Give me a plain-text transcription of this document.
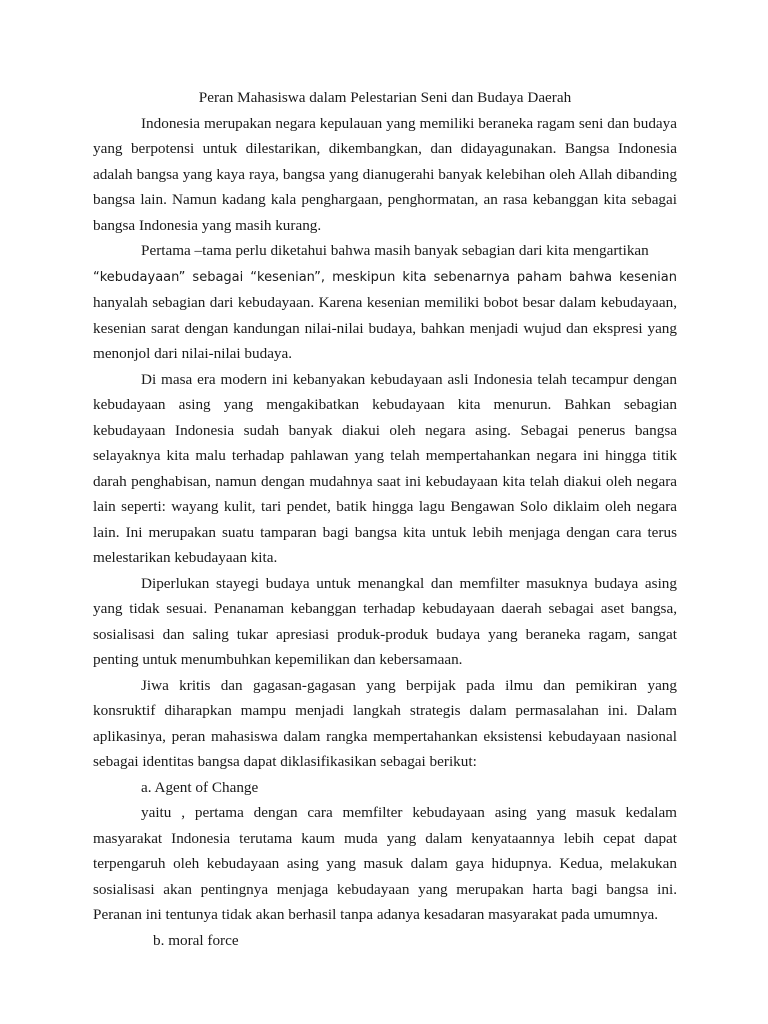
Peran Mahasiswa dalam Pelestarian Seni dan Budaya Daerah

Indonesia merupakan negara kepulauan yang memiliki beraneka ragam seni dan budaya yang berpotensi untuk dilestarikan, dikembangkan, dan didayagunakan. Bangsa Indonesia adalah bangsa yang kaya raya, bangsa yang dianugerahi banyak kelebihan oleh Allah dibanding bangsa lain. Namun kadang kala penghargaan, penghormatan, an rasa kebanggan kita sebagai bangsa Indonesia yang masih kurang.

Pertama –tama perlu diketahui bahwa masih banyak sebagian dari kita mengartikan
“kebudayaan” sebagai “kesenian”, meskipun kita sebenarnya paham bahwa kesenian hanyalah sebagian dari kebudayaan. Karena kesenian memiliki bobot besar dalam kebudayaan, kesenian sarat dengan kandungan nilai-nilai budaya, bahkan menjadi wujud dan ekspresi yang menonjol dari nilai-nilai budaya.

Di masa era modern ini kebanyakan kebudayaan asli Indonesia telah tecampur dengan kebudayaan asing yang mengakibatkan kebudayaan kita menurun. Bahkan sebagian kebudayaan Indonesia sudah banyak diakui oleh negara asing. Sebagai penerus bangsa selayaknya kita malu terhadap pahlawan yang telah mempertahankan negara ini hingga titik darah penghabisan, namun dengan mudahnya saat ini kebudayaan kita telah diakui oleh negara lain seperti: wayang kulit, tari pendet, batik hingga lagu Bengawan Solo diklaim oleh negara lain. Ini merupakan suatu tamparan bagi bangsa kita untuk lebih menjaga dengan cara terus melestarikan kebudayaan kita.

Diperlukan stayegi budaya untuk menangkal dan memfilter masuknya budaya asing yang tidak sesuai. Penanaman kebanggan terhadap kebudayaan daerah sebagai aset bangsa, sosialisasi dan saling tukar apresiasi produk-produk budaya yang beraneka ragam, sangat penting untuk menumbuhkan kepemilikan dan kebersamaan.

Jiwa kritis dan gagasan-gagasan yang berpijak pada ilmu dan pemikiran yang konsruktif diharapkan mampu menjadi langkah strategis dalam permasalahan ini. Dalam aplikasinya, peran mahasiswa dalam rangka mempertahankan eksistensi kebudayaan nasional sebagai identitas bangsa dapat diklasifikasikan sebagai berikut:

a. Agent of Change

yaitu , pertama dengan cara memfilter kebudayaan asing yang masuk kedalam masyarakat Indonesia terutama kaum muda yang dalam kenyataannya lebih cepat dapat terpengaruh oleh kebudayaan asing yang masuk dalam gaya hidupnya. Kedua, melakukan sosialisasi akan pentingnya menjaga kebudayaan yang merupakan harta bagi bangsa ini. Peranan ini tentunya tidak akan berhasil tanpa adanya kesadaran masyarakat pada umumnya.

b. moral force
